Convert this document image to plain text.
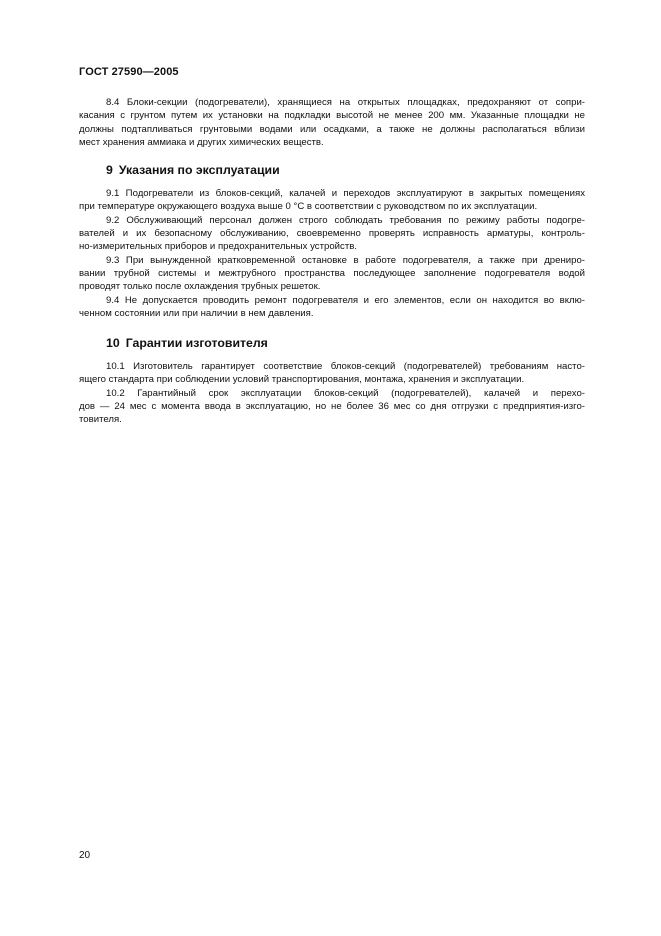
ГОСТ 27590—2005

8.4 Блоки-секции (подогреватели), хранящиеся на открытых площадках, предохраняют от сопри-
касания с грунтом путем их установки на подкладки высотой не менее 200 мм. Указанные площадки не
должны подтапливаться грунтовыми водами или осадками, а также не должны располагаться вблизи
мест хранения аммиака и других химических веществ.

9 Указания по эксплуатации

9.1 Подогреватели из блоков-секций, калачей и переходов эксплуатируют в закрытых помещениях
при температуре окружающего воздуха выше 0 °С в соответствии с руководством по их эксплуатации.

9.2 Обслуживающий персонал должен строго соблюдать требования по режиму работы подогре-
вателей и их безопасному обслуживанию, своевременно проверять исправность арматуры, контроль-
но-измерительных приборов и предохранительных устройств.

9.3 При вынужденной кратковременной остановке в работе подогревателя, а также при дрениро-
вании трубной системы и межтрубного пространства последующее заполнение подогревателя водой
проводят только после охлаждения трубных решеток.

9.4 Не допускается проводить ремонт подогревателя и его элементов, если он находится во вклю-
ченном состоянии или при наличии в нем давления.

10 Гарантии изготовителя

10.1 Изготовитель гарантирует соответствие блоков-секций (подогревателей) требованиям насто-
ящего стандарта при соблюдении условий транспортирования, монтажа, хранения и эксплуатации.

10.2 Гарантийный срок эксплуатации блоков-секций (подогревателей), калачей и перехо-
дов — 24 мес с момента ввода в эксплуатацию, но не более 36 мес со дня отгрузки с предприятия-изго-
товителя.

20
